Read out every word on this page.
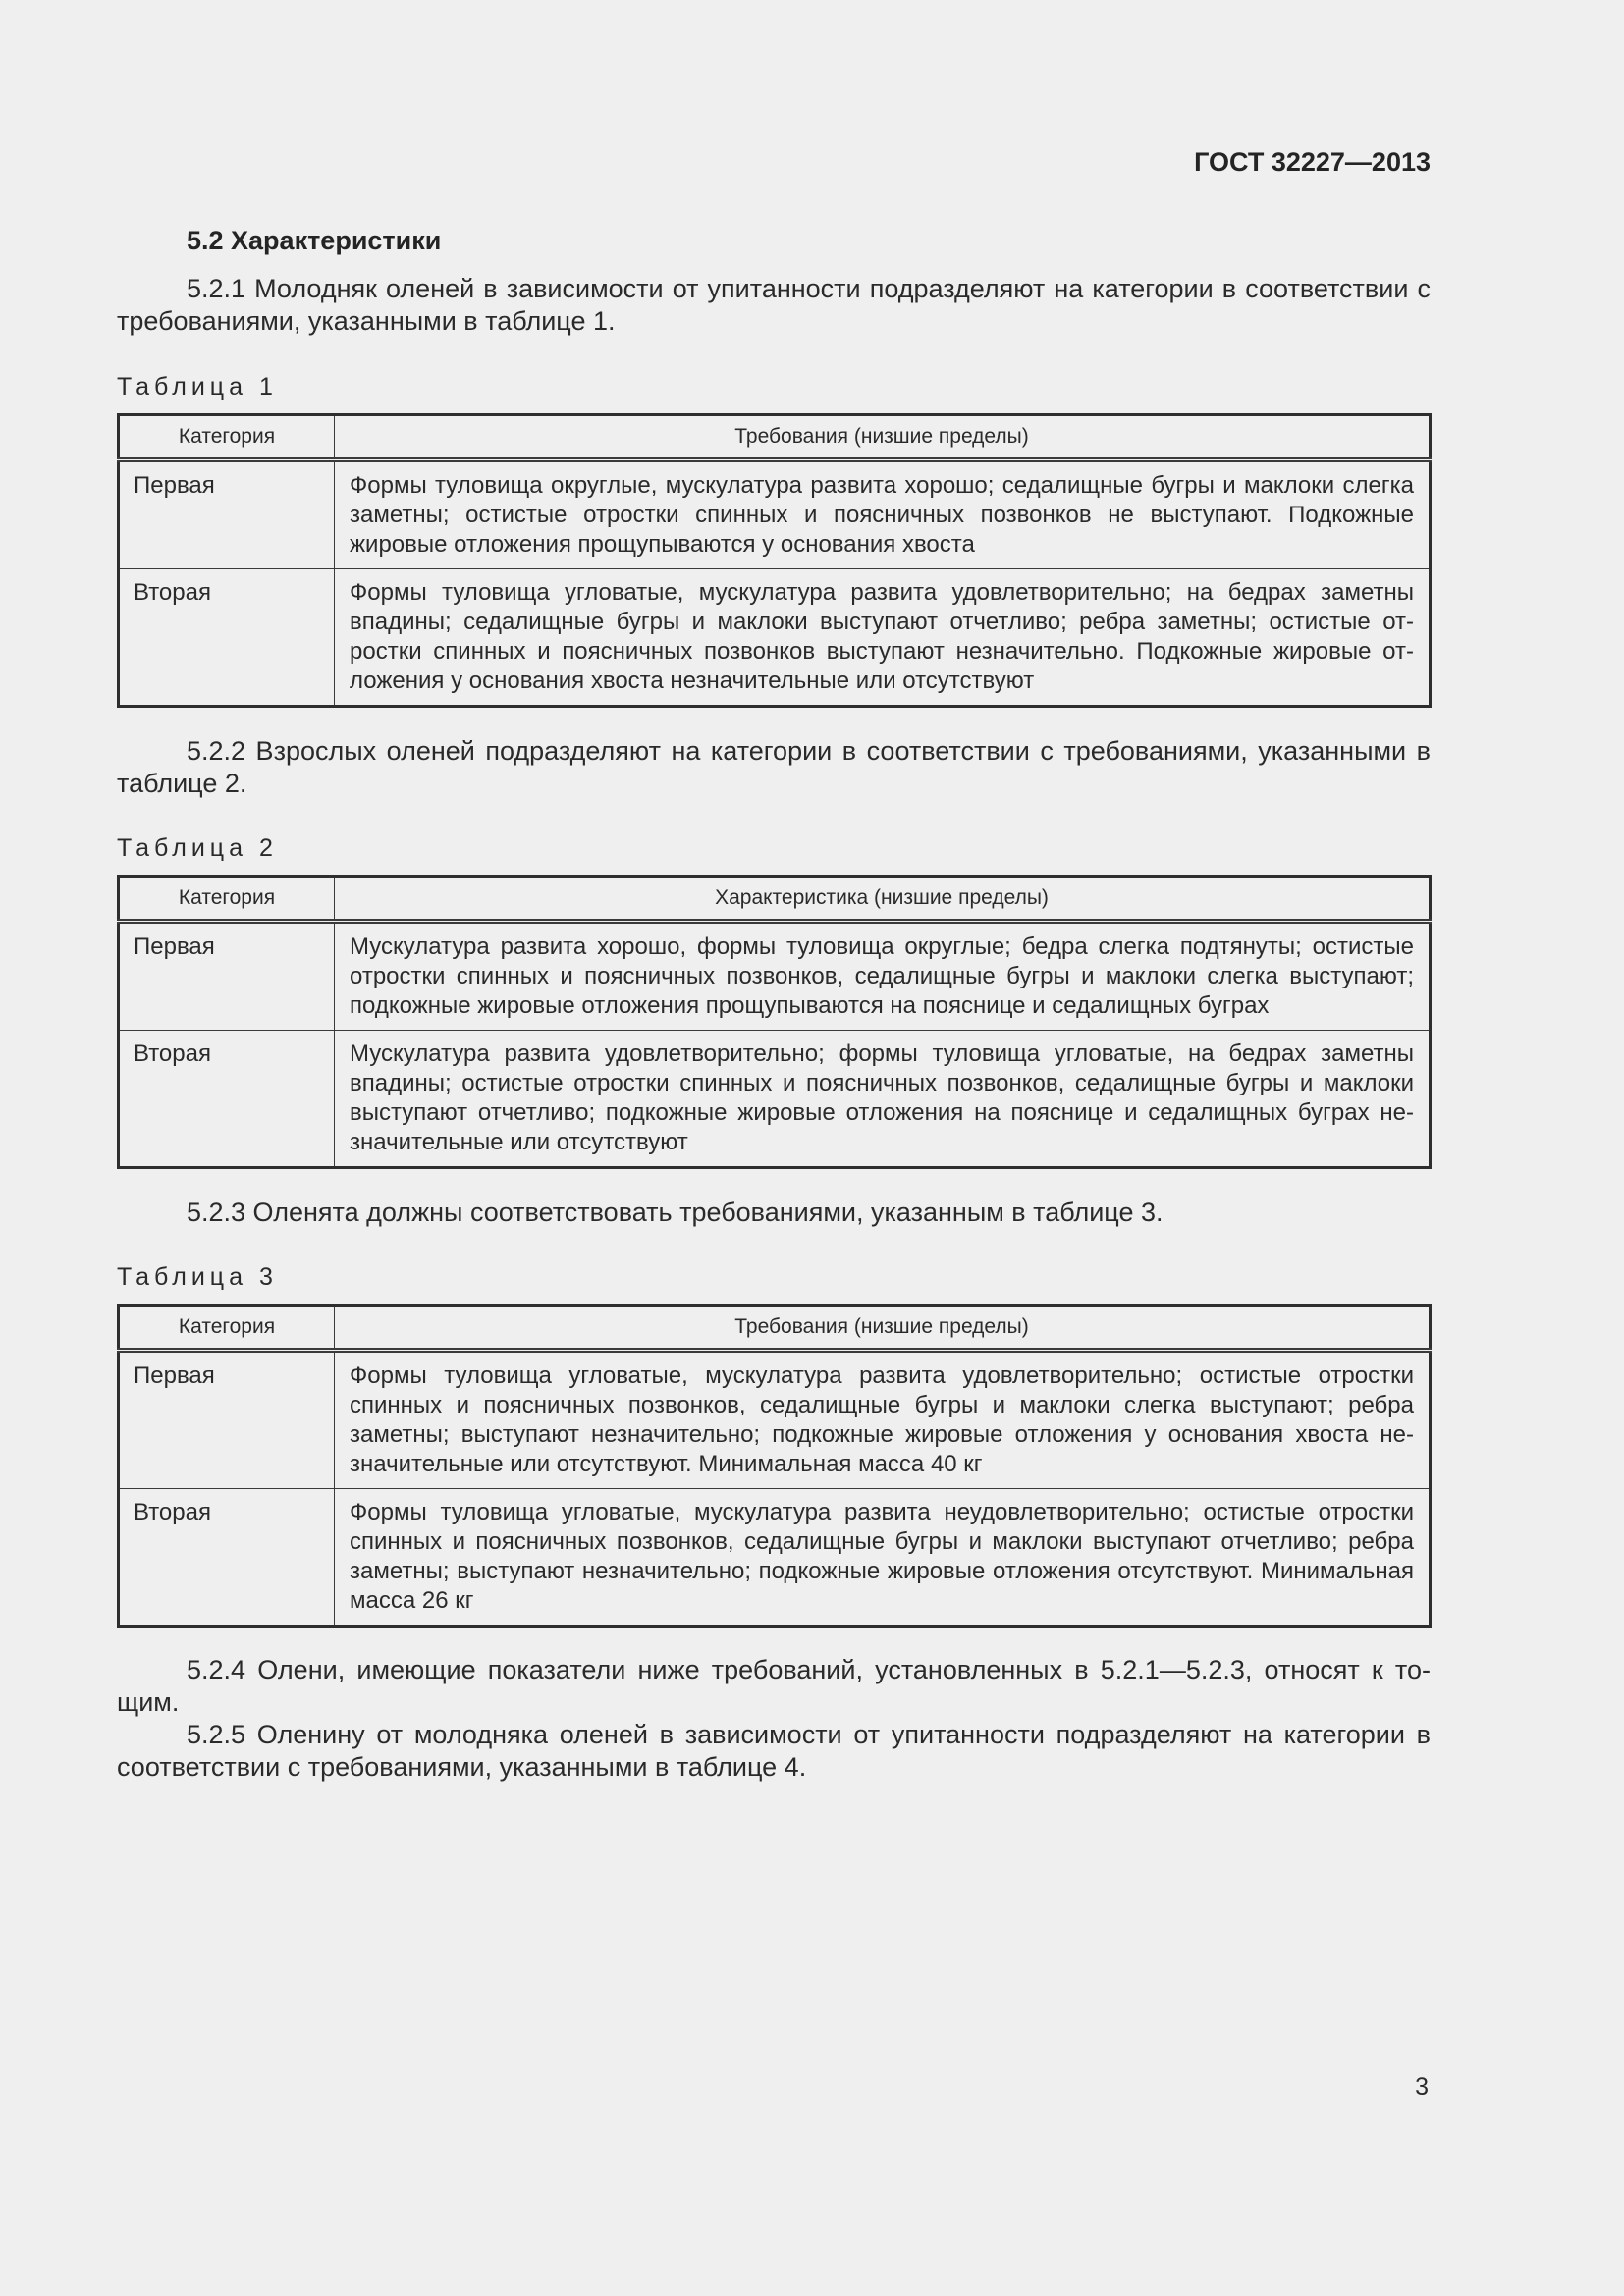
ГОСТ 32227—2013
5.2 Характеристики
5.2.1 Молодняк оленей в зависимости от упитанности подразделяют на категории в соответствии с требованиями, указанными в таблице 1.
Таблица 1
Категория	Требования (низшие пределы)
Первая	Формы туловища округлые, мускулатура развита хорошо; седалищные бугры и маклоки слегка заметны; остистые отростки спинных и поясничных позвонков не выступают. Подкожные жировые отложения прощупываются у основания хвоста
Вторая	Формы туловища угловатые, мускулатура развита удовлетворительно; на бедрах заметны впадины; седалищные бугры и маклоки выступают отчетливо; ребра заметны; остистые отростки спинных и поясничных позвонков выступают незначительно. Подкожные жировые отложения у основания хвоста незначительные или отсутствуют
5.2.2 Взрослых оленей подразделяют на категории в соответствии с требованиями, указанными в таблице 2.
Таблица 2
Категория	Характеристика (низшие пределы)
Первая	Мускулатура развита хорошо, формы туловища округлые; бедра слегка подтянуты; остистые отростки спинных и поясничных позвонков, седалищные бугры и маклоки слегка выступают; подкожные жировые отложения прощупываются на пояснице и седалищных буграх
Вторая	Мускулатура развита удовлетворительно; формы туловища угловатые, на бедрах заметны впадины; остистые отростки спинных и поясничных позвонков, седалищные бугры и маклоки выступают отчетливо; подкожные жировые отложения на пояснице и седалищных буграх незначительные или отсутствуют
5.2.3 Оленята должны соответствовать требованиями, указанным в таблице 3.
Таблица 3
Категория	Требования (низшие пределы)
Первая	Формы туловища угловатые, мускулатура развита удовлетворительно; остистые отростки спинных и поясничных позвонков, седалищные бугры и маклоки слегка выступают; ребра заметны; выступают незначительно; подкожные жировые отложения у основания хвоста незначительные или отсутствуют. Минимальная масса 40 кг
Вторая	Формы туловища угловатые, мускулатура развита неудовлетворительно; остистые отростки спинных и поясничных позвонков, седалищные бугры и маклоки выступают отчетливо; ребра заметны; выступают незначительно; подкожные жировые отложения отсутствуют. Минимальная масса 26 кг
5.2.4 Олени, имеющие показатели ниже требований, установленных в 5.2.1—5.2.3, относят к тощим.
5.2.5 Оленину от молодняка оленей в зависимости от упитанности подразделяют на категории в соответствии с требованиями, указанными в таблице 4.
3
